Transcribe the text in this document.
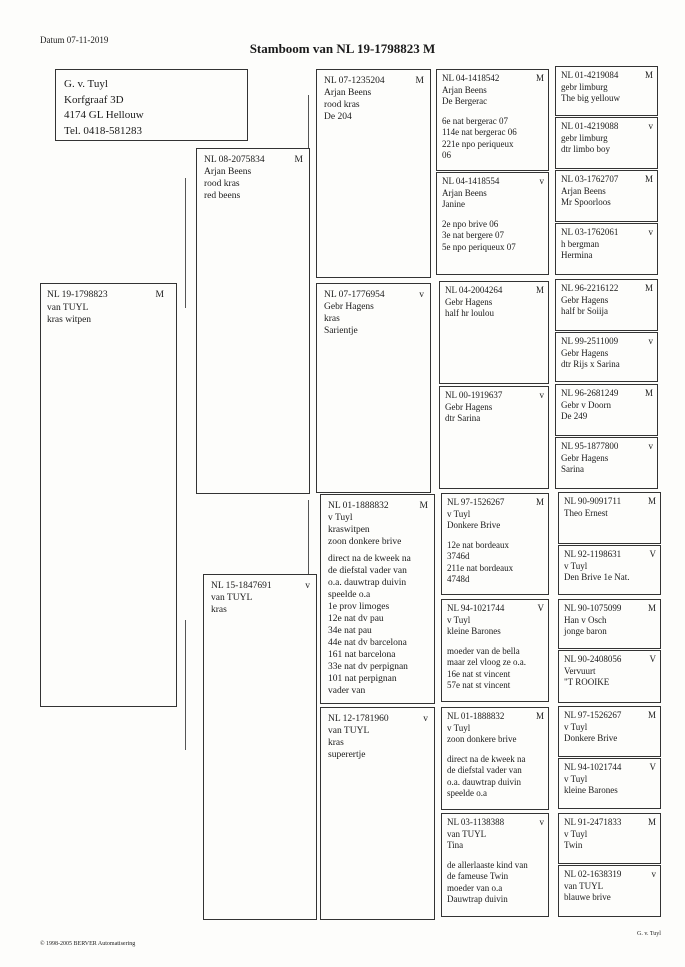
Datum 07-11-2019
Stamboom van NL 19-1798823 M
G. v. Tuyl
Korfgraaf 3D
4174 GL Hellouw
Tel. 0418-581283
NL 19-1798823	M
van TUYL
kras witpen
NL 08-2075834	M
Arjan Beens
rood kras
red beens
NL 15-1847691	v
van TUYL
kras
NL 07-1235204	M
Arjan Beens
rood kras
De 204
NL 07-1776954	v
Gebr Hagens
kras
Sarientje
NL 01-1888832	M
v Tuyl
kraswitpen
zoon donkere brive
direct na de kweek na
de diefstal vader van
o.a. dauwtrap duivin
speelde o.a
1e prov limoges
12e nat dv pau
34e nat pau
44e nat dv barcelona
161 nat barcelona
33e nat dv perpignan
101 nat perpignan
vader van
NL 12-1781960	v
van TUYL
kras
superertje
NL 04-1418542	M
Arjan Beens
De Bergerac
6e nat bergerac 07
114e nat bergerac 06
221e npo periqueux
06
NL 04-1418554	v
Arjan Beens
Janine
2e npo brive 06
3e nat bergere 07
5e npo periqueux 07
NL 04-2004264	M
Gebr Hagens
half hr loulou
NL 00-1919637	v
Gebr Hagens
dtr Sarina
NL 97-1526267	M
v Tuyl
Donkere Brive
12e nat bordeaux
3746d
211e nat bordeaux
4748d
NL 94-1021744	V
v Tuyl
kleine Barones
moeder van de bella
maar zel vloog ze o.a.
16e nat st vincent
57e nat st vincent
NL 01-1888832	M
v Tuyl
zoon donkere brive
direct na de kweek na
de diefstal vader van
o.a. dauwtrap duivin
speelde o.a
NL 03-1138388	v
van TUYL
Tina
de allerlaaste kind van
de fameuse Twin
moeder van o.a
Dauwtrap duivin
NL 01-4219084	M
gebr limburg
The big yellouw
NL 01-4219088	v
gebr limburg
dtr limbo boy
NL 03-1762707	M
Arjan Beens
Mr Spoorloos
NL 03-1762061	v
h bergman
Hermina
NL 96-2216122	M
Gebr Hagens
half br Soiija
NL 99-2511009	v
Gebr Hagens
dtr Rijs x Sarina
NL 96-2681249	M
Gebr v Doorn
De 249
NL 95-1877800	v
Gebr Hagens
Sarina
NL 90-9091711	M
Theo Ernest
NL 92-1198631	V
v Tuyl
Den Brive 1e Nat.
NL 90-1075099	M
Han v Osch
jonge baron
NL 90-2408056	V
Vervuurt
"T ROOIKE
NL 97-1526267	M
v Tuyl
Donkere Brive
NL 94-1021744	V
v Tuyl
kleine Barones
NL 91-2471833	M
v Tuyl
Twin
NL 02-1638319	v
van TUYL
blauwe brive
© 1998-2005 BERVER Automatisering
G. v. Tuyl
